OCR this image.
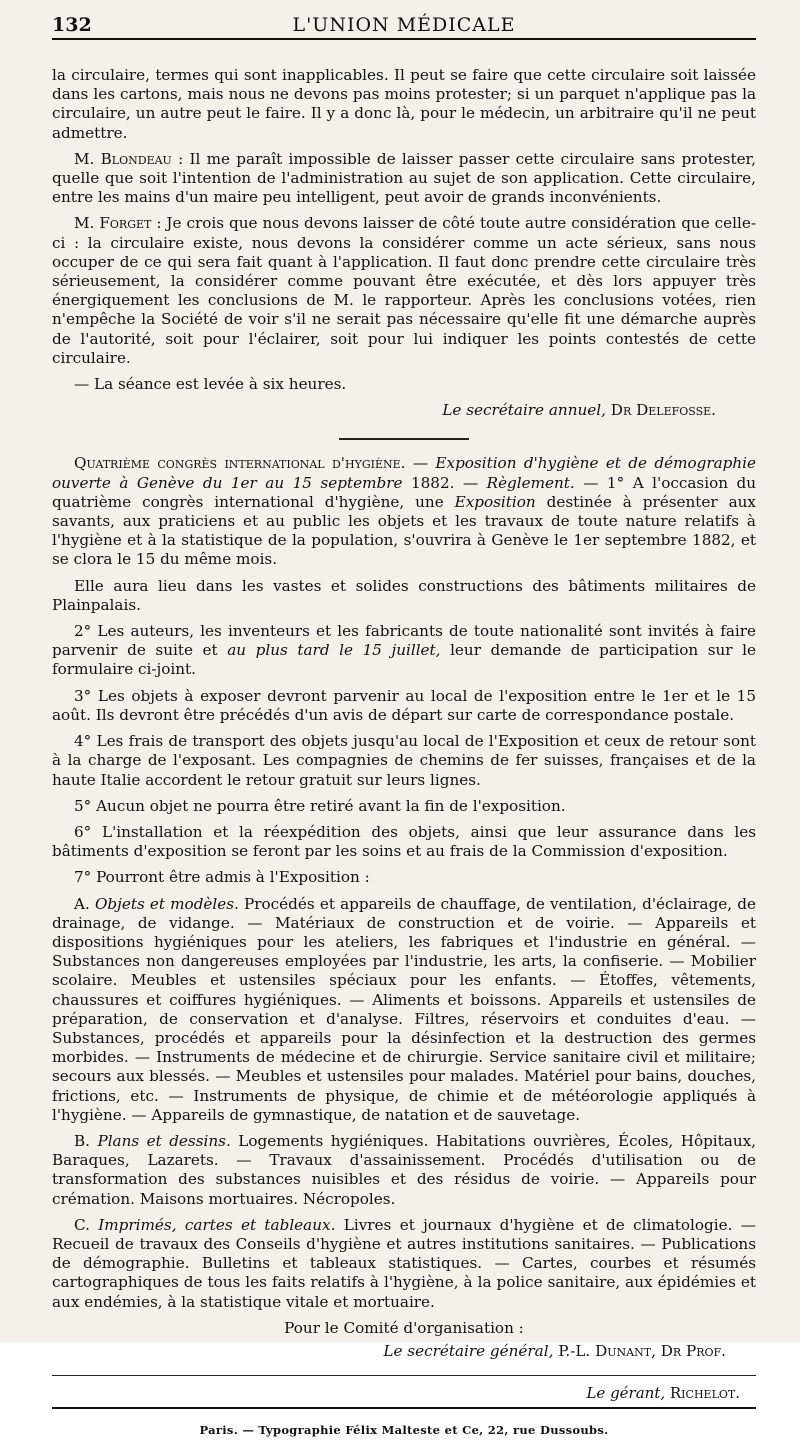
132	L'UNION MÉDICALE

la circulaire, termes qui sont inapplicables. Il peut se faire que cette circulaire soit laissée dans les cartons, mais nous ne devons pas moins protester; si un parquet n'applique pas la circulaire, un autre peut le faire. Il y a donc là, pour le médecin, un arbitraire qu'il ne peut admettre.

M. Blondeau : Il me paraît impossible de laisser passer cette circulaire sans protester, quelle que soit l'intention de l'administration au sujet de son application. Cette circulaire, entre les mains d'un maire peu intelligent, peut avoir de grands inconvénients.

M. Forget : Je crois que nous devons laisser de côté toute autre considération que celle-ci : la circulaire existe, nous devons la considérer comme un acte sérieux, sans nous occuper de ce qui sera fait quant à l'application. Il faut donc prendre cette circulaire très sérieusement, la considérer comme pouvant être exécutée, et dès lors appuyer très énergiquement les conclusions de M. le rapporteur. Après les conclusions votées, rien n'empêche la Société de voir s'il ne serait pas nécessaire qu'elle fit une démarche auprès de l'autorité, soit pour l'éclairer, soit pour lui indiquer les points contestés de cette circulaire.

— La séance est levée à six heures.

Le secrétaire annuel, Dr Delefosse.

Quatrième congrès international d'hygiène. — Exposition d'hygiène et de démographie ouverte à Genève du 1er au 15 septembre 1882. — Règlement. — 1° A l'occasion du quatrième congrès international d'hygiène, une Exposition destinée à présenter aux savants, aux praticiens et au public les objets et les travaux de toute nature relatifs à l'hygiène et à la statistique de la population, s'ouvrira à Genève le 1er septembre 1882, et se clora le 15 du même mois.

Elle aura lieu dans les vastes et solides constructions des bâtiments militaires de Plainpalais.

2° Les auteurs, les inventeurs et les fabricants de toute nationalité sont invités à faire parvenir de suite et au plus tard le 15 juillet, leur demande de participation sur le formulaire ci-joint.

3° Les objets à exposer devront parvenir au local de l'exposition entre le 1er et le 15 août. Ils devront être précédés d'un avis de départ sur carte de correspondance postale.

4° Les frais de transport des objets jusqu'au local de l'Exposition et ceux de retour sont à la charge de l'exposant. Les compagnies de chemins de fer suisses, françaises et de la haute Italie accordent le retour gratuit sur leurs lignes.

5° Aucun objet ne pourra être retiré avant la fin de l'exposition.

6° L'installation et la réexpédition des objets, ainsi que leur assurance dans les bâtiments d'exposition se feront par les soins et au frais de la Commission d'exposition.

7° Pourront être admis à l'Exposition :

A. Objets et modèles. Procédés et appareils de chauffage, de ventilation, d'éclairage, de drainage, de vidange. — Matériaux de construction et de voirie. — Appareils et dispositions hygiéniques pour les ateliers, les fabriques et l'industrie en général. — Substances non dangereuses employées par l'industrie, les arts, la confiserie. — Mobilier scolaire. Meubles et ustensiles spéciaux pour les enfants. — Étoffes, vêtements, chaussures et coiffures hygiéniques. — Aliments et boissons. Appareils et ustensiles de préparation, de conservation et d'analyse. Filtres, réservoirs et conduites d'eau. — Substances, procédés et appareils pour la désinfection et la destruction des germes morbides. — Instruments de médecine et de chirurgie. Service sanitaire civil et militaire; secours aux blessés. — Meubles et ustensiles pour malades. Matériel pour bains, douches, frictions, etc. — Instruments de physique, de chimie et de météorologie appliqués à l'hygiène. — Appareils de gymnastique, de natation et de sauvetage.

B. Plans et dessins. Logements hygiéniques. Habitations ouvrières, Écoles, Hôpitaux, Baraques, Lazarets. — Travaux d'assainissement. Procédés d'utilisation ou de transformation des substances nuisibles et des résidus de voirie. — Appareils pour crémation. Maisons mortuaires. Nécropoles.

C. Imprimés, cartes et tableaux. Livres et journaux d'hygiène et de climatologie. — Recueil de travaux des Conseils d'hygiène et autres institutions sanitaires. — Publications de démographie. Bulletins et tableaux statistiques. — Cartes, courbes et résumés cartographiques de tous les faits relatifs à l'hygiène, à la police sanitaire, aux épidémies et aux endémies, à la statistique vitale et mortuaire.

Pour le Comité d'organisation :

Le secrétaire général, P.-L. Dunant, Dr Prof.
Le gérant, Richelot.
Paris. — Typographie Félix Malteste et Ce, 22, rue Dussoubs.
